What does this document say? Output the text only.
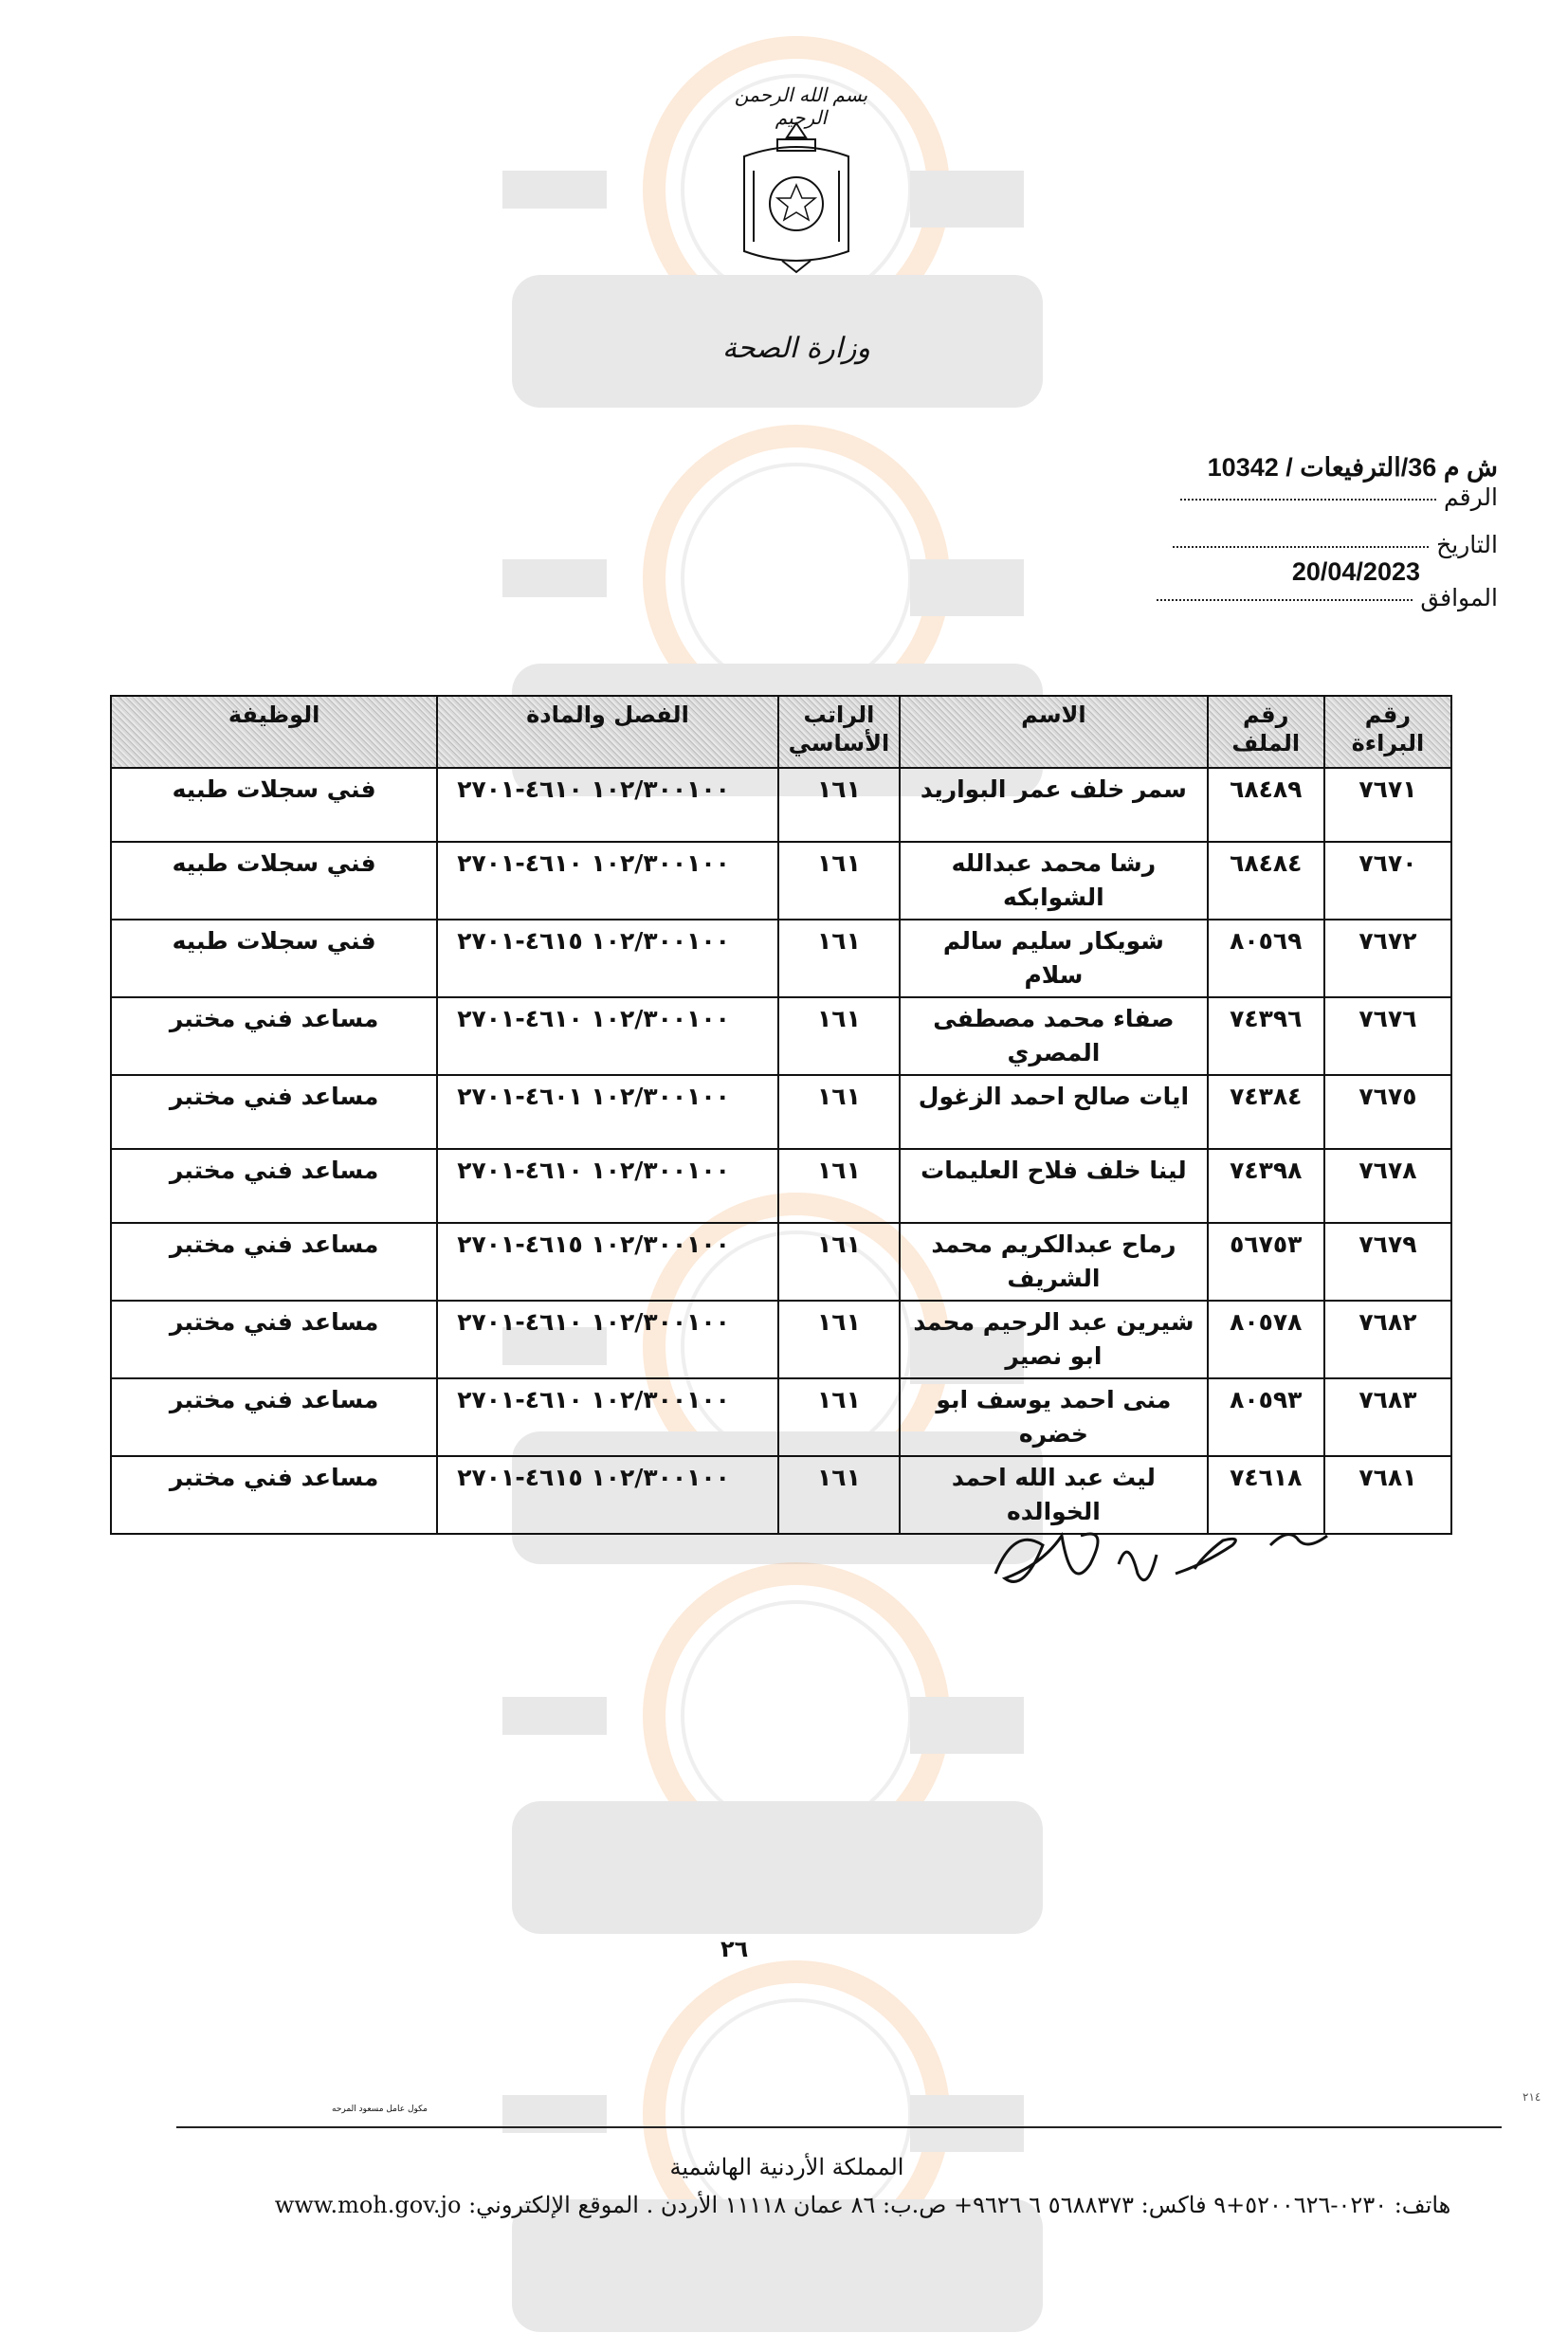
بسم الله الرحمن الرحيم
وزارة الصحة
ش م 36/الترفيعات / 10342
الرقم
التاريخ
20/04/2023
الموافق
رقم البراءة	رقم الملف	الاسم	الراتب الأساسي	الفصل والمادة	الوظيفة
٧٦٧١	٦٨٤٨٩	سمر خلف عمر البواريد	١٦١	١٠٢/٣٠٠١٠٠ ٤٦١٠-٢٧٠١	فني سجلات طبيه
٧٦٧٠	٦٨٤٨٤	رشا محمد عبدالله الشوابكه	١٦١	١٠٢/٣٠٠١٠٠ ٤٦١٠-٢٧٠١	فني سجلات طبيه
٧٦٧٢	٨٠٥٦٩	شويكار سليم سالم سلام	١٦١	١٠٢/٣٠٠١٠٠ ٤٦١٥-٢٧٠١	فني سجلات طبيه
٧٦٧٦	٧٤٣٩٦	صفاء محمد مصطفى المصري	١٦١	١٠٢/٣٠٠١٠٠ ٤٦١٠-٢٧٠١	مساعد فني مختبر
٧٦٧٥	٧٤٣٨٤	ايات صالح احمد الزغول	١٦١	١٠٢/٣٠٠١٠٠ ٤٦٠١-٢٧٠١	مساعد فني مختبر
٧٦٧٨	٧٤٣٩٨	لينا خلف فلاح العليمات	١٦١	١٠٢/٣٠٠١٠٠ ٤٦١٠-٢٧٠١	مساعد فني مختبر
٧٦٧٩	٥٦٧٥٣	رماح عبدالكريم محمد الشريف	١٦١	١٠٢/٣٠٠١٠٠ ٤٦١٥-٢٧٠١	مساعد فني مختبر
٧٦٨٢	٨٠٥٧٨	شيرين عبد الرحيم محمد ابو نصير	١٦١	١٠٢/٣٠٠١٠٠ ٤٦١٠-٢٧٠١	مساعد فني مختبر
٧٦٨٣	٨٠٥٩٣	منى احمد يوسف ابو خضره	١٦١	١٠٢/٣٠٠١٠٠ ٤٦١٠-٢٧٠١	مساعد فني مختبر
٧٦٨١	٧٤٦١٨	ليث عبد الله احمد الخوالده	١٦١	١٠٢/٣٠٠١٠٠ ٤٦١٥-٢٧٠١	مساعد فني مختبر
٢٦
٢١٤
مكول عامل مسعود المرحه
المملكة الأردنية الهاشمية
هاتف: ٠٢٣٠-٥٢٠٠٦٢٦+٩ فاكس: ٥٦٨٨٣٧٣ ٦ ٩٦٢٦+ ص.ب: ٨٦ عمان ١١١١٨ الأردن . الموقع الإلكتروني: www.moh.gov.jo
